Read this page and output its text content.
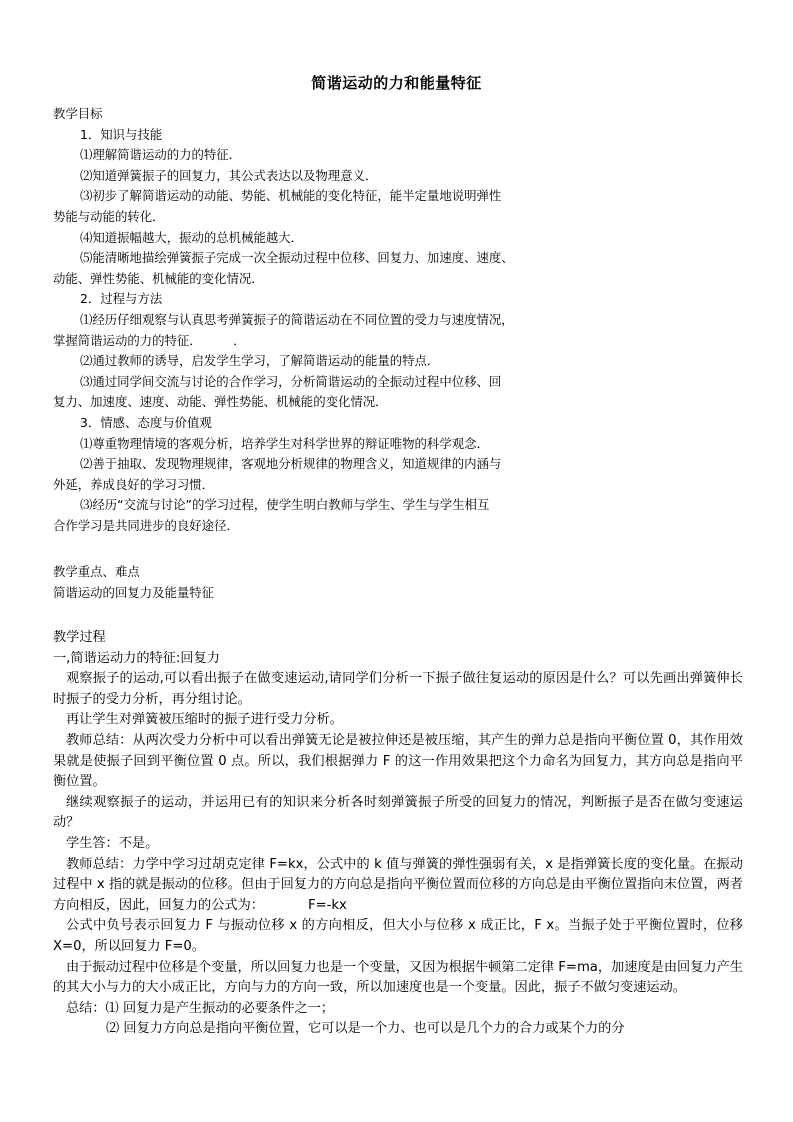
简谐运动的力和能量特征
教学目标
1．知识与技能
⑴理解简谐运动的力的特征．
⑵知道弹簧振子的回复力，其公式表达以及物理意义．
⑶初步了解简谐运动的动能、势能、机械能的变化特征，能半定量地说明弹性
势能与动能的转化．
⑷知道振幅越大，振动的总机械能越大．
⑸能清晰地描绘弹簧振子完成一次全振动过程中位移、回复力、加速度、速度、
动能、弹性势能、机械能的变化情况．
2．过程与方法
⑴经历仔细观察与认真思考弹簧振子的简谐运动在不同位置的受力与速度情况，
掌握简谐运动的力的特征．        ．
⑵通过教师的诱导，启发学生学习，了解简谐运动的能量的特点．
⑶通过同学间交流与讨论的合作学习，分析简谐运动的全振动过程中位移、回
复力、加速度、速度、动能、弹性势能、机械能的变化情况．
3．情感、态度与价值观
⑴尊重物理情境的客观分析，培养学生对科学世界的辩证唯物的科学观念．
⑵善于抽取、发现物理规律，客观地分析规律的物理含义，知道规律的内涵与
外延，养成良好的学习习惯．
⑶经历“交流与讨论”的学习过程，使学生明白教师与学生、学生与学生相互
合作学习是共同进步的良好途径．
教学重点、难点
简谐运动的回复力及能量特征

教学过程

一,简谐运动力的特征:回复力

观察振子的运动,可以看出振子在做变速运动,请同学们分析一下振子做往复运动的原因是什么？可以先画出弹簧伸长时振子的受力分析，再分组讨论。

再让学生对弹簧被压缩时的振子进行受力分析。

教师总结：从两次受力分析中可以看出弹簧无论是被拉伸还是被压缩，其产生的弹力总是指向平衡位置 0，其作用效果就是使振子回到平衡位置 0 点。所以，我们根据弹力 F 的这一作用效果把这个力命名为回复力，其方向总是指向平衡位置。

继续观察振子的运动，并运用已有的知识来分析各时刻弹簧振子所受的回复力的情况，判断振子是否在做匀变速运动？

学生答：不是。

教师总结：力学中学习过胡克定律 F=kx，公式中的 k 值与弹簧的弹性强弱有关，x 是指弹簧长度的变化量。在振动过程中 x 指的就是振动的位移。但由于回复力的方向总是指向平衡位置而位移的方向总是由平衡位置指向末位置，两者方向相反，因此，回复力的公式为：	F=-kx

公式中负号表示回复力 F 与振动位移 x 的方向相反，但大小与位移 x 成正比，F x。当振子处于平衡位置时，位移 X=0，所以回复力 F=0。

由于振动过程中位移是个变量，所以回复力也是一个变量，又因为根据牛顿第二定律 F=ma，加速度是由回复力产生的其大小与力的大小成正比，方向与力的方向一致，所以加速度也是一个变量。因此，振子不做匀变速运动。

总结：⑴ 回复力是产生振动的必要条件之一；

⑵ 回复力方向总是指向平衡位置，它可以是一个力、也可以是几个力的合力或某个力的分
